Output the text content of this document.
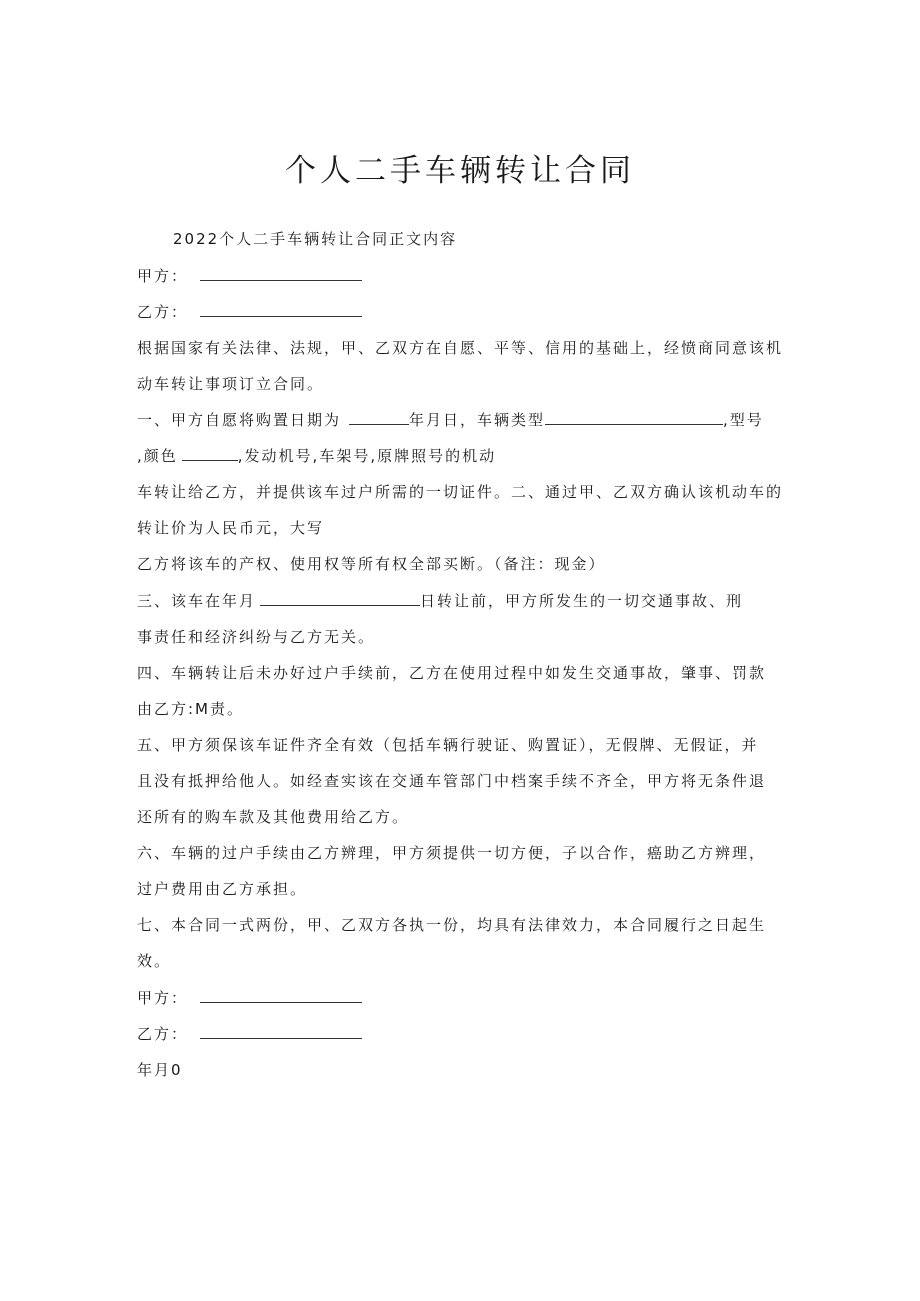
个人二手车辆转让合同
2022个人二手车辆转让合同正文内容
甲方：
乙方：
根据国家有关法律、法规，甲、乙双方在自愿、平等、信用的基础上，经愤商同意该机
动车转让事项订立合同。
一、甲方自愿将购置日期为	年月日，车辆类型	,型号
,颜色	,发动机号,车架号,原牌照号的机动
车转让给乙方，并提供该车过户所需的一切证件。二、通过甲、乙双方确认该机动车的
转让价为人民币元，大写
乙方将该车的产权、使用权等所有权全部买断。（备注：现金）
三、该车在年月	日转让前，甲方所发生的一切交通事故、刑
事责任和经济纠纷与乙方无关。
四、车辆转让后未办好过户手续前，乙方在使用过程中如发生交通事故，肇事、罚款
由乙方:M责。
五、甲方须保该车证件齐全有效（包括车辆行驶证、购置证），无假牌、无假证，并
且没有抵押给他人。如经查实该在交通车管部门中档案手续不齐全，甲方将无条件退
还所有的购车款及其他费用给乙方。
六、车辆的过户手续由乙方辨理，甲方须提供一切方便，子以合作，癌助乙方辨理，
过户费用由乙方承担。
七、本合同一式两份，甲、乙双方各执一份，均具有法律效力，本合同履行之日起生
效。
甲方：
乙方：
年月0
